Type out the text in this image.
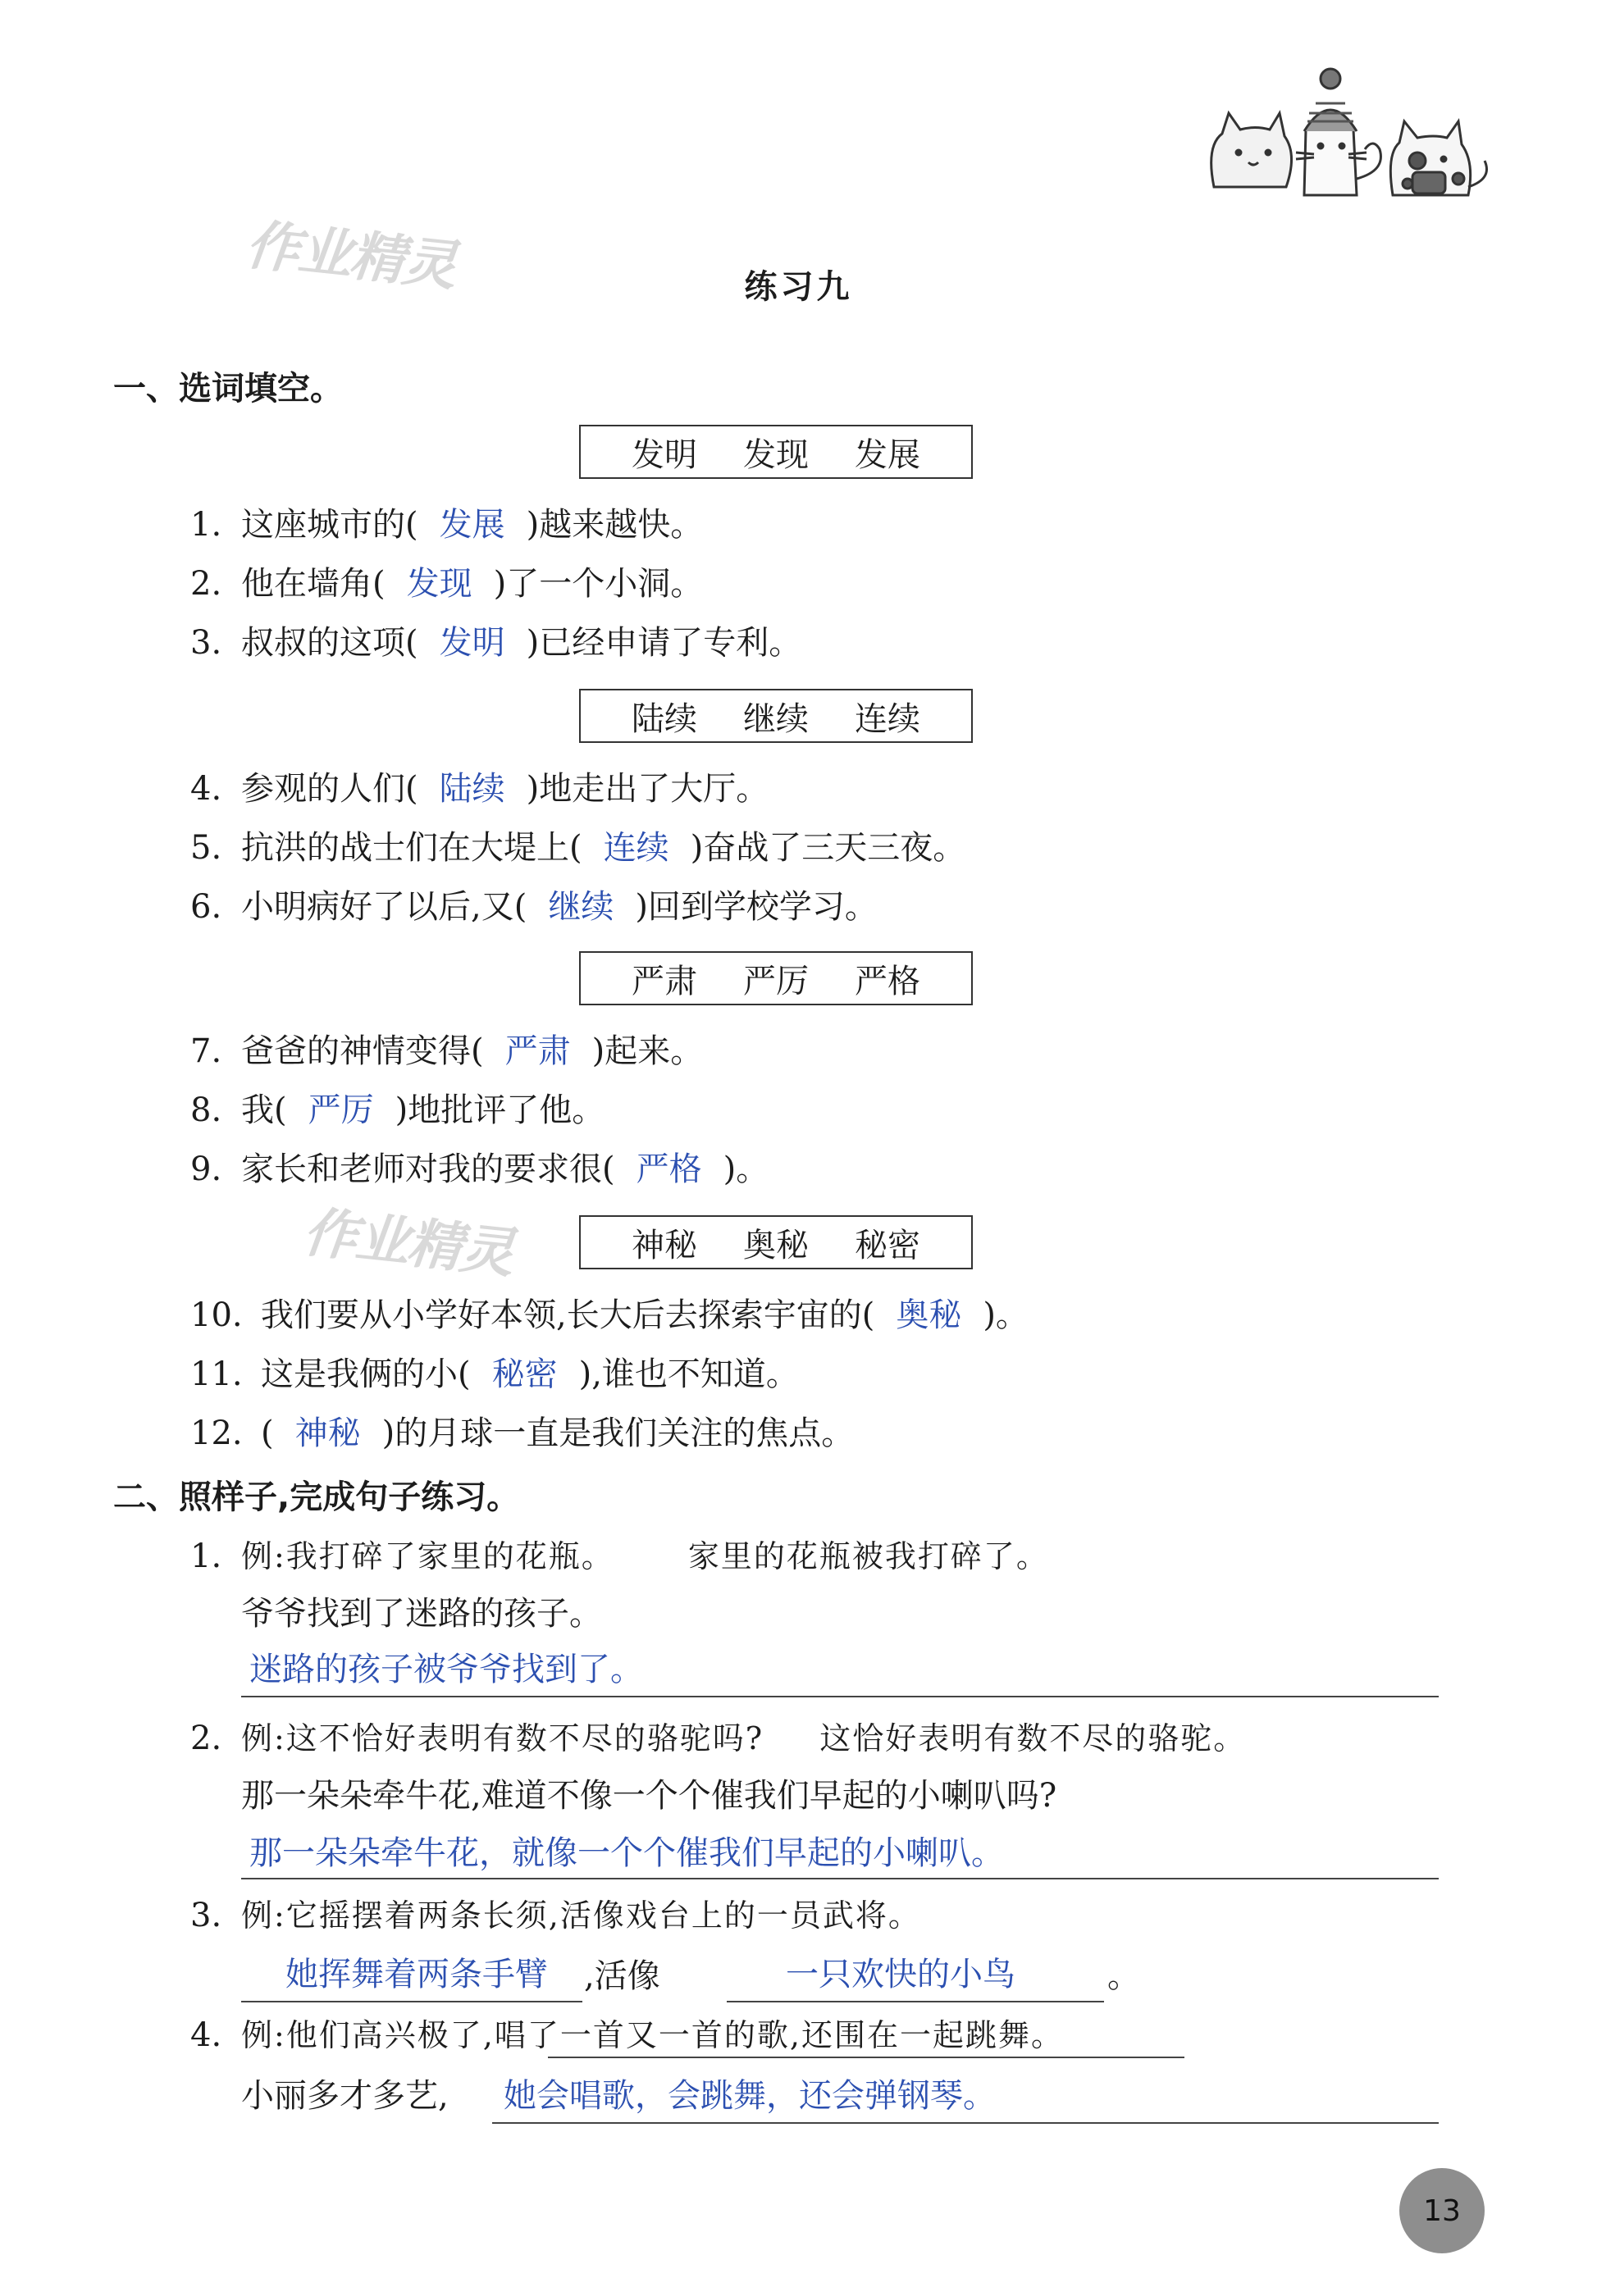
作业精灵
作业精灵
练习九
一、选词填空。
发明 发现 发展
1. 这座城市的( 发展 )越来越快。
2. 他在墙角( 发现 )了一个小洞。
3. 叔叔的这项( 发明 )已经申请了专利。
陆续 继续 连续
4. 参观的人们( 陆续 )地走出了大厅。
5. 抗洪的战士们在大堤上( 连续 )奋战了三天三夜。
6. 小明病好了以后,又( 继续 )回到学校学习。
严肃 严厉 严格
7. 爸爸的神情变得( 严肃 )起来。
8. 我( 严厉 )地批评了他。
9. 家长和老师对我的要求很( 严格 )。
神秘 奥秘 秘密
10. 我们要从小学好本领,长大后去探索宇宙的( 奥秘 )。
11. 这是我俩的小( 秘密 ),谁也不知道。
12. ( 神秘 )的月球一直是我们关注的焦点。
二、照样子,完成句子练习。
1. 例:我打碎了家里的花瓶。 家里的花瓶被我打碎了。
爷爷找到了迷路的孩子。
迷路的孩子被爷爷找到了。
2. 例:这不恰好表明有数不尽的骆驼吗? 这恰好表明有数不尽的骆驼。
那一朵朵牵牛花,难道不像一个个催我们早起的小喇叭吗?
那一朵朵牵牛花，就像一个个催我们早起的小喇叭。
3. 例:它摇摆着两条长须,活像戏台上的一员武将。
她挥舞着两条手臂 ,活像	一只欢快的小鸟	。
4. 例:他们高兴极了,唱了一首又一首的歌,还围在一起跳舞。
小丽多才多艺, 她会唱歌，会跳舞，还会弹钢琴。
13
